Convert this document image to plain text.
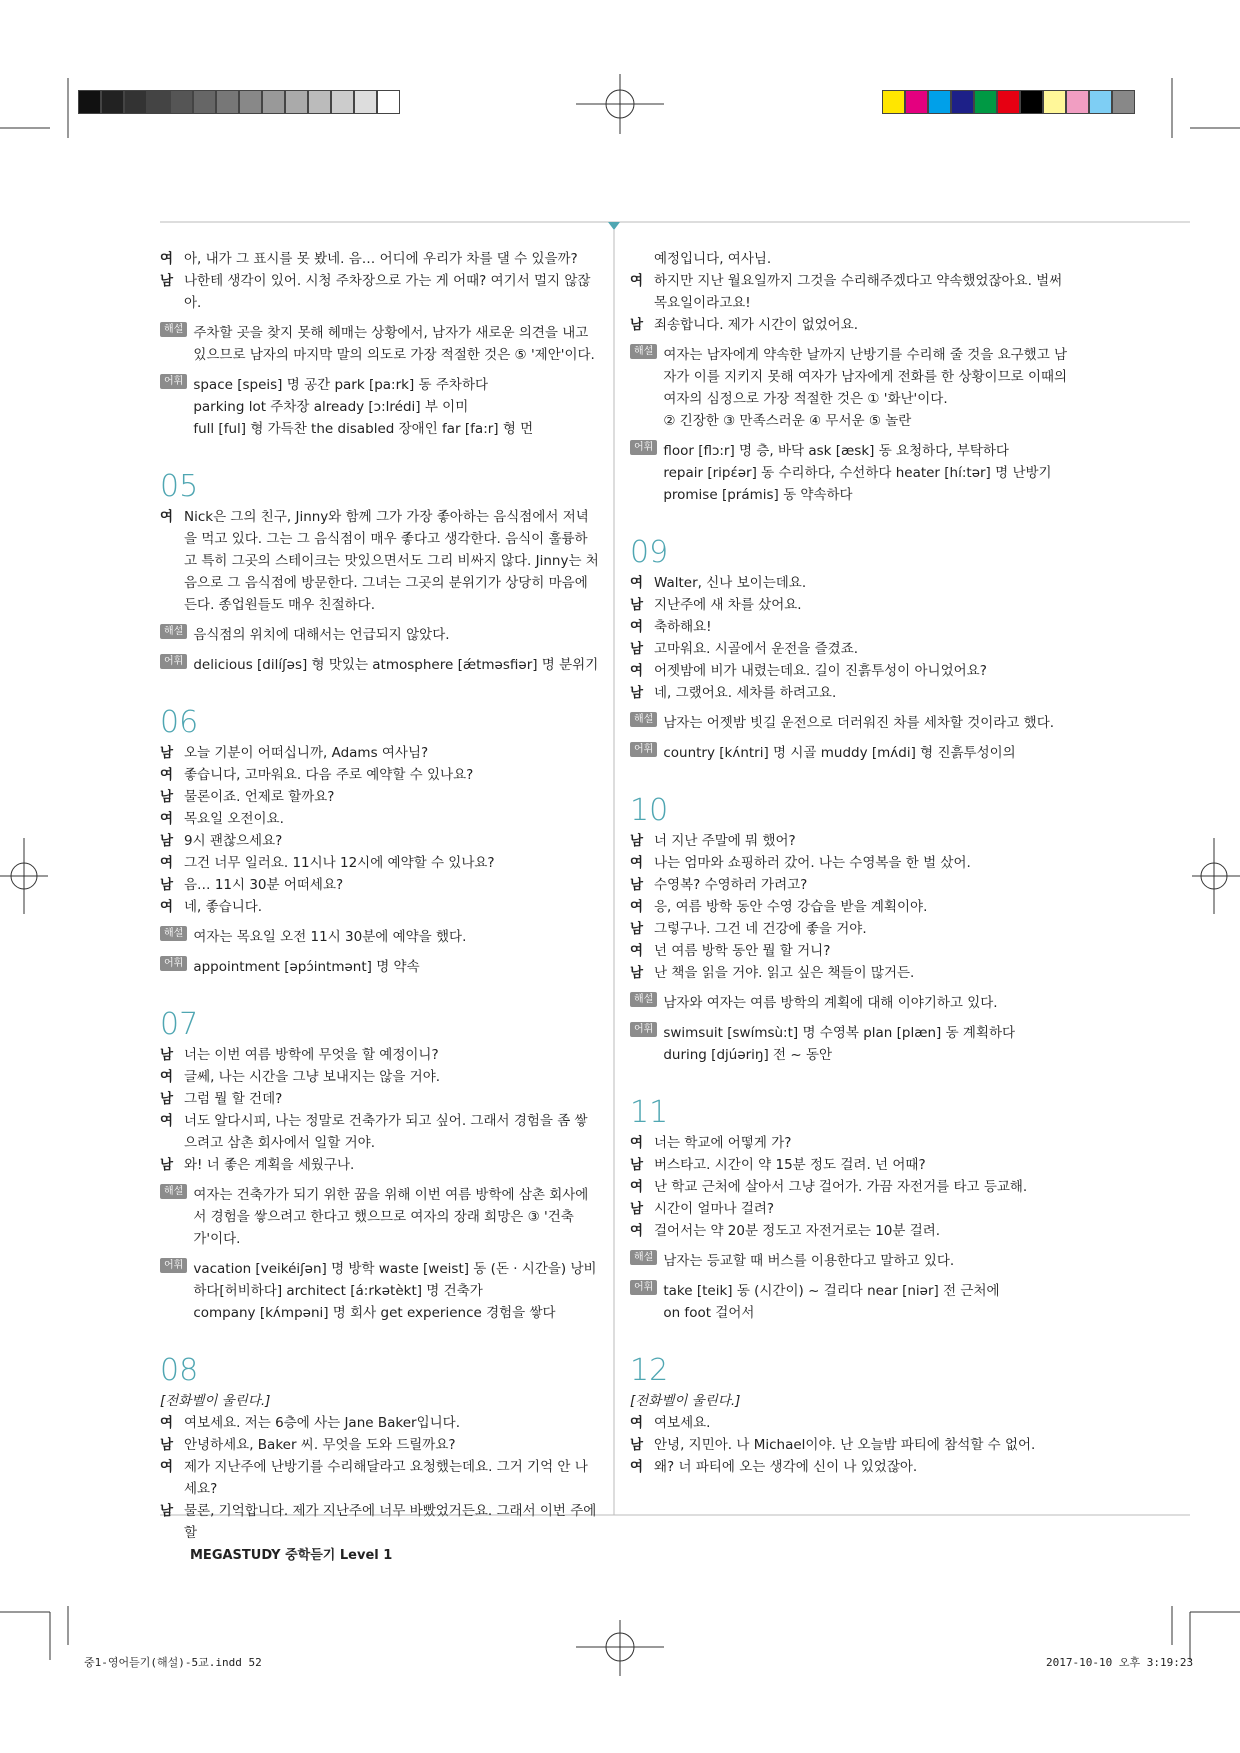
여 아, 내가 그 표시를 못 봤네. 음… 어디에 우리가 차를 댈 수 있을까?
남 나한테 생각이 있어. 시청 주차장으로 가는 게 어때? 여기서 멀지 않잖아.
해설 주차할 곳을 찾지 못해 헤매는 상황에서, 남자가 새로운 의견을 내고 있으므로 남자의 마지막 말의 의도로 가장 적절한 것은 ⑤ '제안'이다.
어휘 space [speis] 명 공간 park [pa:rk] 동 주차하다
parking lot 주차장 already [ɔ:lrédi] 부 이미
full [ful] 형 가득찬 the disabled 장애인 far [fa:r] 형 먼
05
여 Nick은 그의 친구, Jinny와 함께 그가 가장 좋아하는 음식점에서 저녁을 먹고 있다. 그는 그 음식점이 매우 좋다고 생각한다. 음식이 훌륭하고 특히 그곳의 스테이크는 맛있으면서도 그리 비싸지 않다. Jinny는 처음으로 그 음식점에 방문한다. 그녀는 그곳의 분위기가 상당히 마음에 든다. 종업원들도 매우 친절하다.
해설 음식점의 위치에 대해서는 언급되지 않았다.
어휘 delicious [dilíʃəs] 형 맛있는 atmosphere [ǽtməsfiər] 명 분위기
06
남 오늘 기분이 어떠십니까, Adams 여사님?
여 좋습니다, 고마워요. 다음 주로 예약할 수 있나요?
남 물론이죠. 언제로 할까요?
여 목요일 오전이요.
남 9시 괜찮으세요?
여 그건 너무 일러요. 11시나 12시에 예약할 수 있나요?
남 음… 11시 30분 어떠세요?
여 네, 좋습니다.
해설 여자는 목요일 오전 11시 30분에 예약을 했다.
어휘 appointment [əpɔ́intmənt] 명 약속
07
남 너는 이번 여름 방학에 무엇을 할 예정이니?
여 글쎄, 나는 시간을 그냥 보내지는 않을 거야.
남 그럼 뭘 할 건데?
여 너도 알다시피, 나는 정말로 건축가가 되고 싶어. 그래서 경험을 좀 쌓으려고 삼촌 회사에서 일할 거야.
남 와! 너 좋은 계획을 세웠구나.
해설 여자는 건축가가 되기 위한 꿈을 위해 이번 여름 방학에 삼촌 회사에서 경험을 쌓으려고 한다고 했으므로 여자의 장래 희망은 ③ '건축가'이다.
어휘 vacation [veikéiʃən] 명 방학 waste [weist] 동 (돈 · 시간을) 낭비하다[허비하다] architect [á:rkətèkt] 명 건축가
company [kʌ́mpəni] 명 회사 get experience 경험을 쌓다
08
[전화벨이 울린다.]
여 여보세요. 저는 6층에 사는 Jane Baker입니다.
남 안녕하세요, Baker 씨. 무엇을 도와 드릴까요?
여 제가 지난주에 난방기를 수리해달라고 요청했는데요. 그거 기억 안 나세요?
남 물론, 기억합니다. 제가 지난주에 너무 바빴었거든요. 그래서 이번 주에 할
예정입니다, 여사님.
여 하지만 지난 월요일까지 그것을 수리해주겠다고 약속했었잖아요. 벌써 목요일이라고요!
남 죄송합니다. 제가 시간이 없었어요.
해설 여자는 남자에게 약속한 날까지 난방기를 수리해 줄 것을 요구했고 남자가 이를 지키지 못해 여자가 남자에게 전화를 한 상황이므로 이때의 여자의 심정으로 가장 적절한 것은 ① '화난'이다.
② 긴장한 ③ 만족스러운 ④ 무서운 ⑤ 놀란
어휘 floor [flɔ:r] 명 층, 바닥 ask [æsk] 동 요청하다, 부탁하다
repair [ripέər] 동 수리하다, 수선하다 heater [hí:tər] 명 난방기
promise [prámis] 동 약속하다
09
여 Walter, 신나 보이는데요.
남 지난주에 새 차를 샀어요.
여 축하해요!
남 고마워요. 시골에서 운전을 즐겼죠.
여 어젯밤에 비가 내렸는데요. 길이 진흙투성이 아니었어요?
남 네, 그랬어요. 세차를 하려고요.
해설 남자는 어젯밤 빗길 운전으로 더러워진 차를 세차할 것이라고 했다.
어휘 country [kʌ́ntri] 명 시골 muddy [mʌ́di] 형 진흙투성이의
10
남 너 지난 주말에 뭐 했어?
여 나는 엄마와 쇼핑하러 갔어. 나는 수영복을 한 벌 샀어.
남 수영복? 수영하러 가려고?
여 응, 여름 방학 동안 수영 강습을 받을 계획이야.
남 그렇구나. 그건 네 건강에 좋을 거야.
여 넌 여름 방학 동안 뭘 할 거니?
남 난 책을 읽을 거야. 읽고 싶은 책들이 많거든.
해설 남자와 여자는 여름 방학의 계획에 대해 이야기하고 있다.
어휘 swimsuit [swímsù:t] 명 수영복 plan [plæn] 동 계획하다
during [djúəriŋ] 전 ~ 동안
11
여 너는 학교에 어떻게 가?
남 버스타고. 시간이 약 15분 정도 걸려. 넌 어때?
여 난 학교 근처에 살아서 그냥 걸어가. 가끔 자전거를 타고 등교해.
남 시간이 얼마나 걸려?
여 걸어서는 약 20분 정도고 자전거로는 10분 걸려.
해설 남자는 등교할 때 버스를 이용한다고 말하고 있다.
어휘 take [teik] 동 (시간이) ~ 걸리다 near [niər] 전 근처에
on foot 걸어서
12
[전화벨이 울린다.]
여 여보세요.
남 안녕, 지민아. 나 Michael이야. 난 오늘밤 파티에 참석할 수 없어.
여 왜? 너 파티에 오는 생각에 신이 나 있었잖아.
MEGASTUDY 중학듣기 Level 1
중1-영어듣기(해설)-5교.indd 52	2017-10-10 오후 3:19:23
